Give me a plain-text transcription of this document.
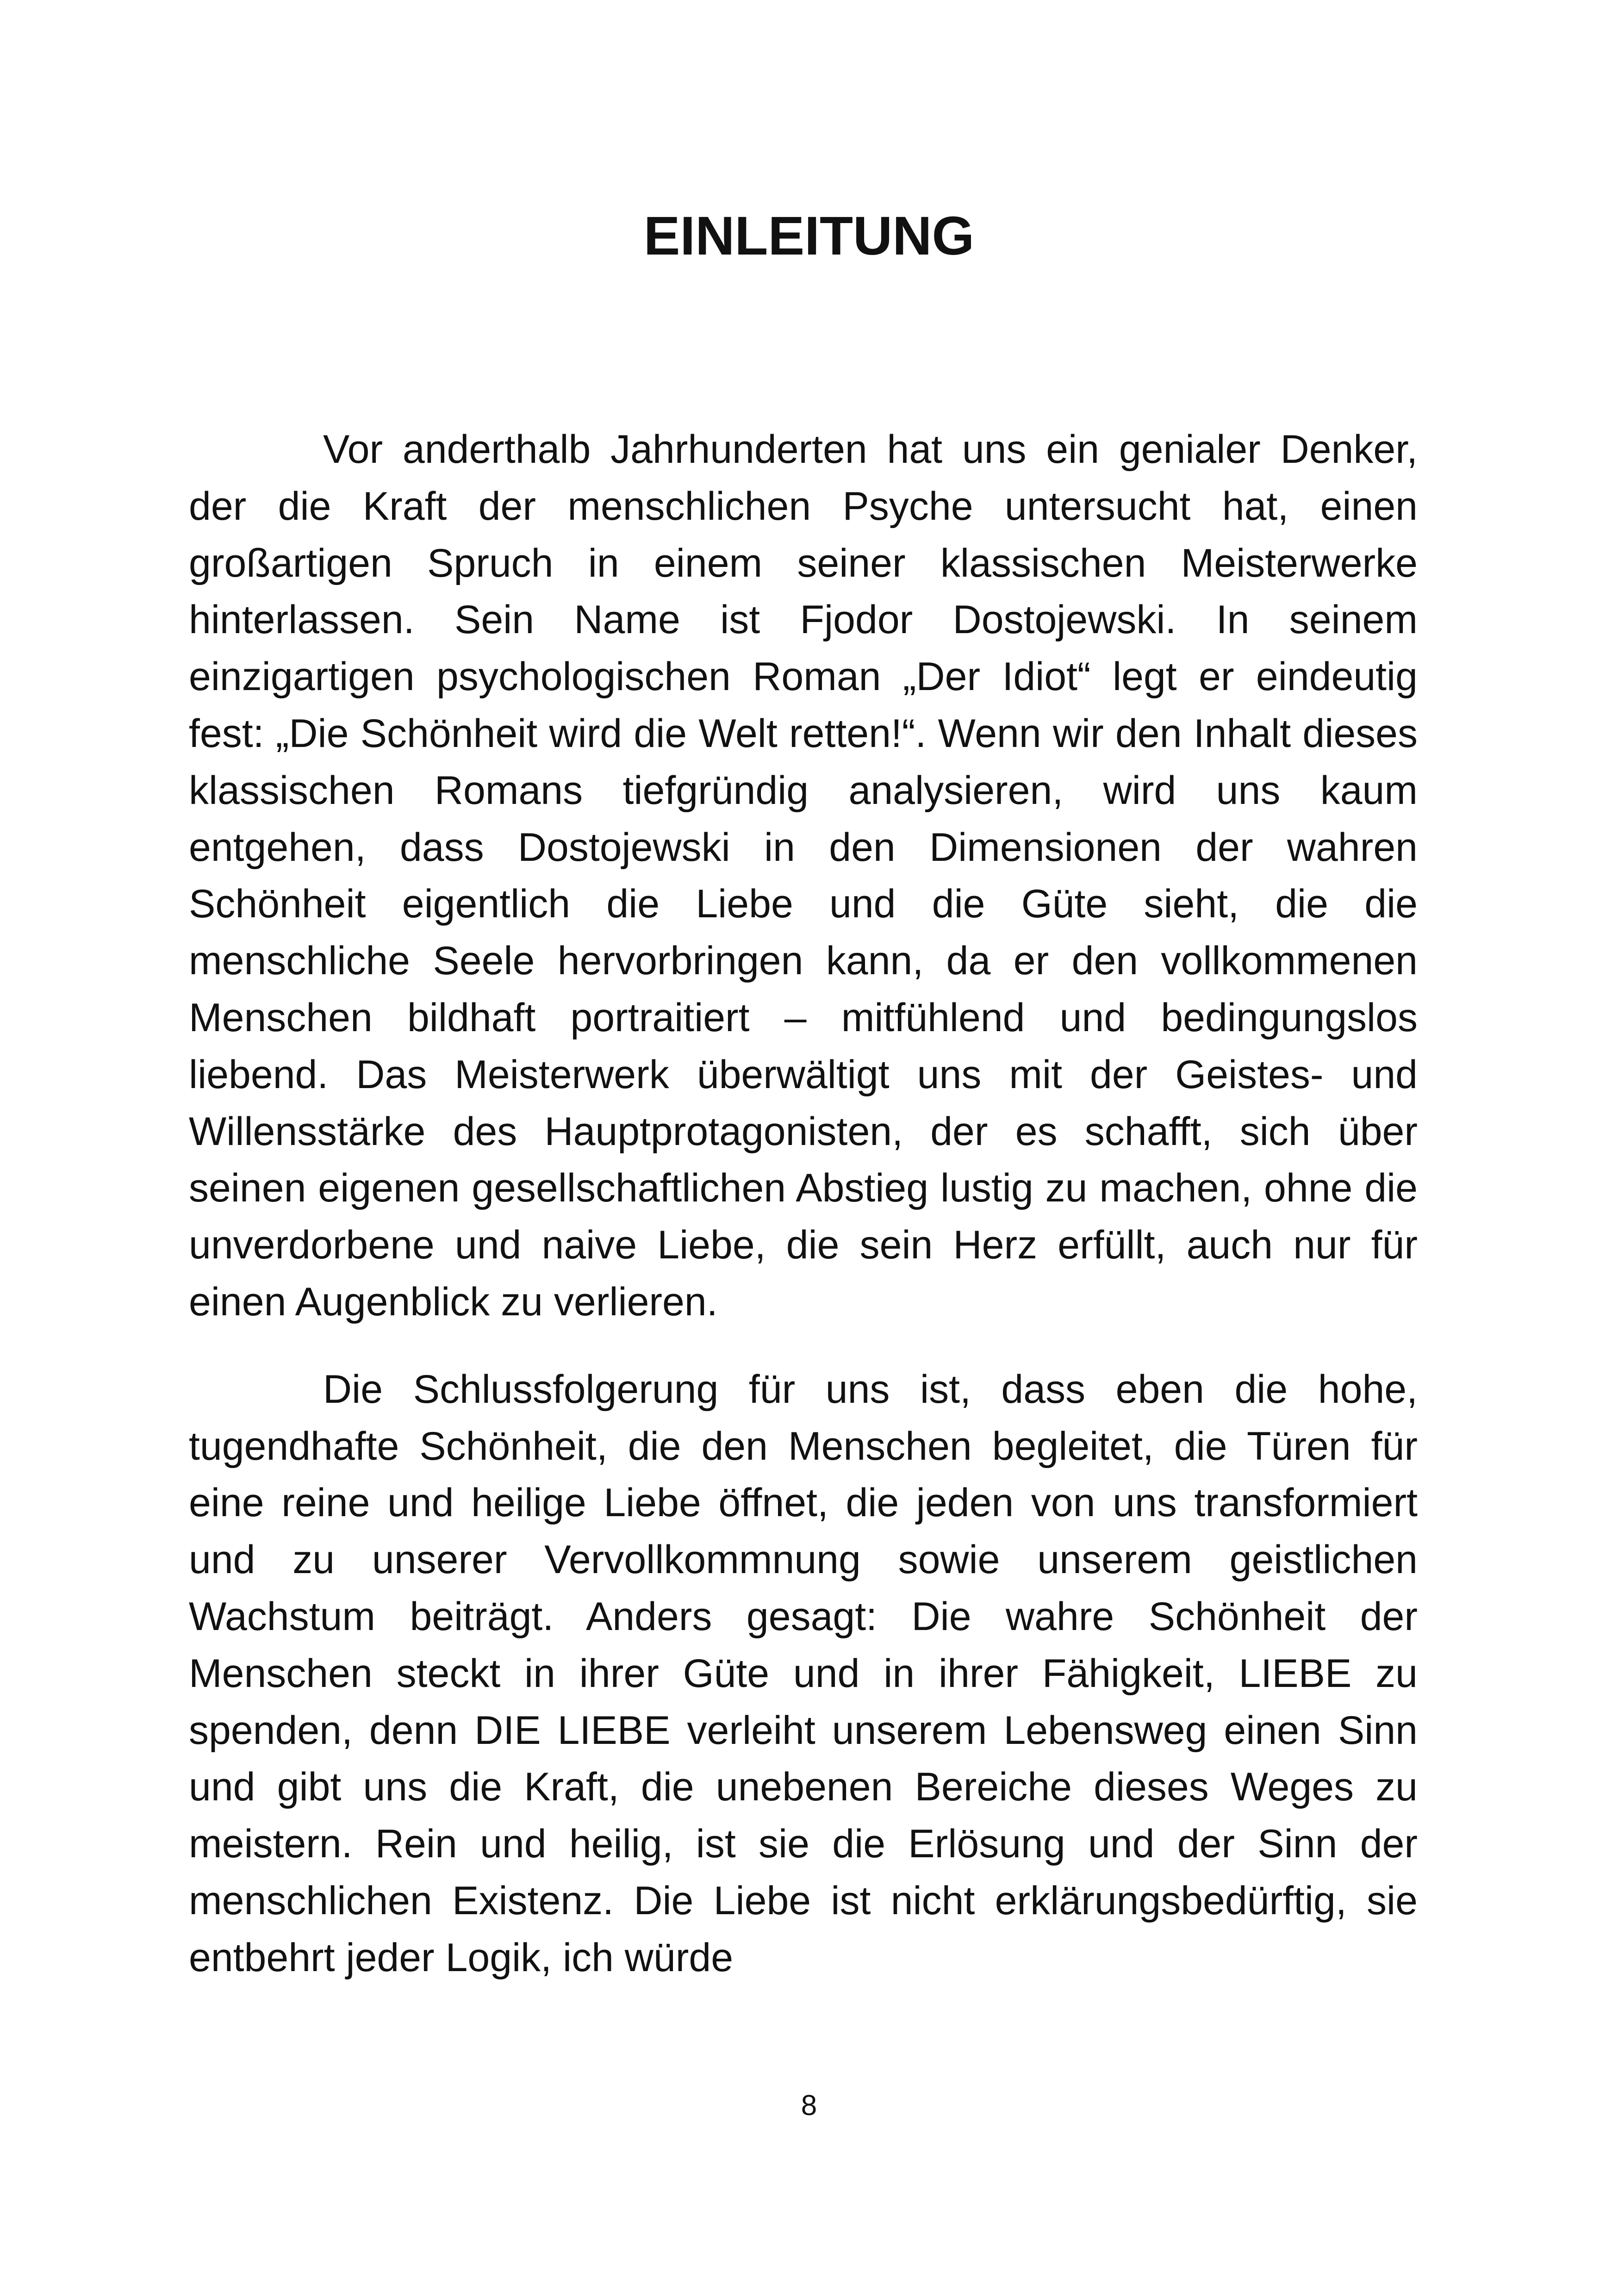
EINLEITUNG

Vor anderthalb Jahrhunderten hat uns ein genialer Denker, der die Kraft der menschlichen Psyche untersucht hat, einen großartigen Spruch in einem seiner klassischen Meisterwerke hinterlassen. Sein Name ist Fjodor Dostojewski. In seinem einzigartigen psychologischen Roman „Der Idiot“ legt er eindeutig fest: „Die Schönheit wird die Welt retten!“. Wenn wir den Inhalt dieses klassischen Romans tiefgründig analysieren, wird uns kaum entgehen, dass Dostojewski in den Dimensionen der wahren Schönheit eigentlich die Liebe und die Güte sieht, die die menschliche Seele hervorbringen kann, da er den vollkommenen Menschen bildhaft portraitiert – mitfühlend und bedingungslos liebend. Das Meisterwerk überwältigt uns mit der Geistes- und Willensstärke des Hauptprotagonisten, der es schafft, sich über seinen eigenen gesellschaftlichen Abstieg lustig zu machen, ohne die unverdorbene und naive Liebe, die sein Herz erfüllt, auch nur für einen Augenblick zu verlieren.

Die Schlussfolgerung für uns ist, dass eben die hohe, tugendhafte Schönheit, die den Menschen begleitet, die Türen für eine reine und heilige Liebe öffnet, die jeden von uns transformiert und zu unserer Vervollkommnung sowie unserem geistlichen Wachstum beiträgt. Anders gesagt: Die wahre Schönheit der Menschen steckt in ihrer Güte und in ihrer Fähigkeit, LIEBE zu spenden, denn DIE LIEBE verleiht unserem Lebensweg einen Sinn und gibt uns die Kraft, die unebenen Bereiche dieses Weges zu meistern. Rein und heilig, ist sie die Erlösung und der Sinn der menschlichen Existenz. Die Liebe ist nicht erklärungsbedürftig, sie entbehrt jeder Logik, ich würde

8
